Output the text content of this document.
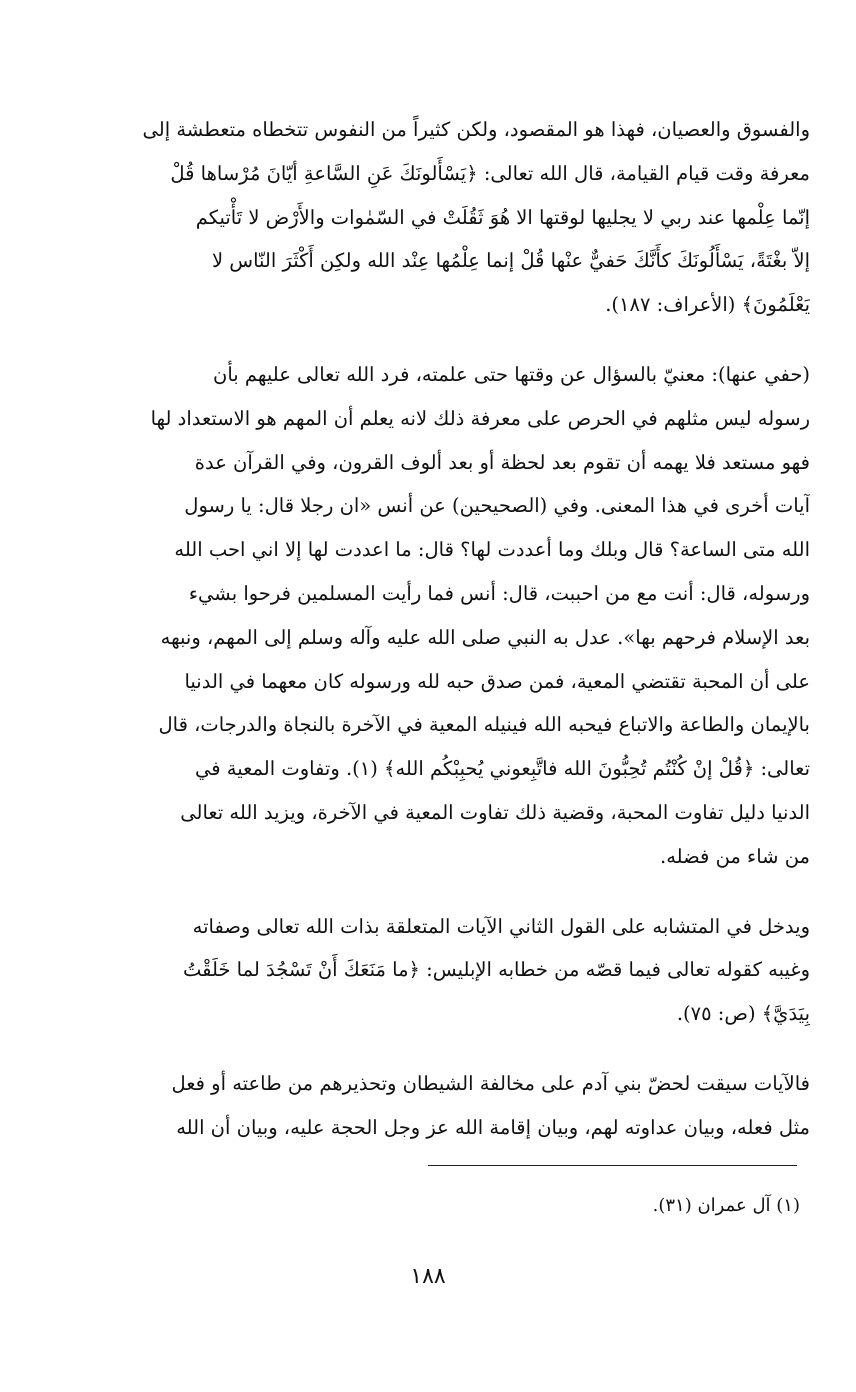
والفسوق والعصيان، فهذا هو المقصود، ولكن كثيراً من النفوس تتخطاه متعطشة إلى
معرفة وقت قيام القيامة، قال الله تعالى: ﴿يَسْأَلونَكَ عَنِ السَّاعةِ أيّانَ مُرْساها قُلْ
إنّما عِلْمها عند ربي لا يجليها لوقتها الا هُوَ ثَقُلَتْ في السّمٰوات والأَرْض لا تَأْتيكم
إلاّ بغْتَةً، يَسْأَلُونَكَ كأَنَّكَ حَفيٌّ عنْها قُلْ إنما عِلْمُها عِنْد الله ولكِن أَكْثَرَ النّاس لا
يَعْلَمُونَ﴾ (الأعراف: ١٨٧).

(حفي عنها): معنيّ بالسؤال عن وقتها حتى علمته، فرد الله تعالى عليهم بأن
رسوله ليس مثلهم في الحرص على معرفة ذلك لانه يعلم أن المهم هو الاستعداد لها
فهو مستعد فلا يهمه أن تقوم بعد لحظة أو بعد ألوف القرون، وفي القرآن عدة
آيات أخرى في هذا المعنى. وفي (الصحيحين) عن أنس «ان رجلا قال: يا رسول
الله متى الساعة؟ قال وبلك وما أعددت لها؟ قال: ما اعددت لها إلا اني احب الله
ورسوله، قال: أنت مع من احببت، قال: أنس فما رأيت المسلمين فرحوا بشيء
بعد الإسلام فرحهم بها». عدل به النبي صلى الله عليه وآله وسلم إلى المهم، ونبهه
على أن المحبة تقتضي المعية، فمن صدق حبه لله ورسوله كان معهما في الدنيا
بالإيمان والطاعة والاتباع فيحبه الله فينيله المعية في الآخرة بالنجاة والدرجات، قال
تعالى: ﴿قُلْ إنْ كُنْتُم تُحِبُّونَ الله فاتَّبِعوني يُحبِبْكُم الله﴾ (١). وتفاوت المعية في
الدنيا دليل تفاوت المحبة، وقضية ذلك تفاوت المعية في الآخرة، ويزيد الله تعالى
من شاء من فضله.

ويدخل في المتشابه على القول الثاني الآيات المتعلقة بذات الله تعالى وصفاته
وغيبه كقوله تعالى فيما قصّه من خطابه الإبليس: ﴿ما مَنَعَكَ أَنْ تَسْجُدَ لما خَلَقْتُ
بِيَدَيَّ﴾ (ص: ٧٥).

فالآيات سيقت لحضّ بني آدم على مخالفة الشيطان وتحذيرهم من طاعته أو فعل
مثل فعله، وبيان عداوته لهم، وبيان إقامة الله عز وجل الحجة عليه، وبيان أن الله

(١) آل عمران (٣١).
١٨٨
